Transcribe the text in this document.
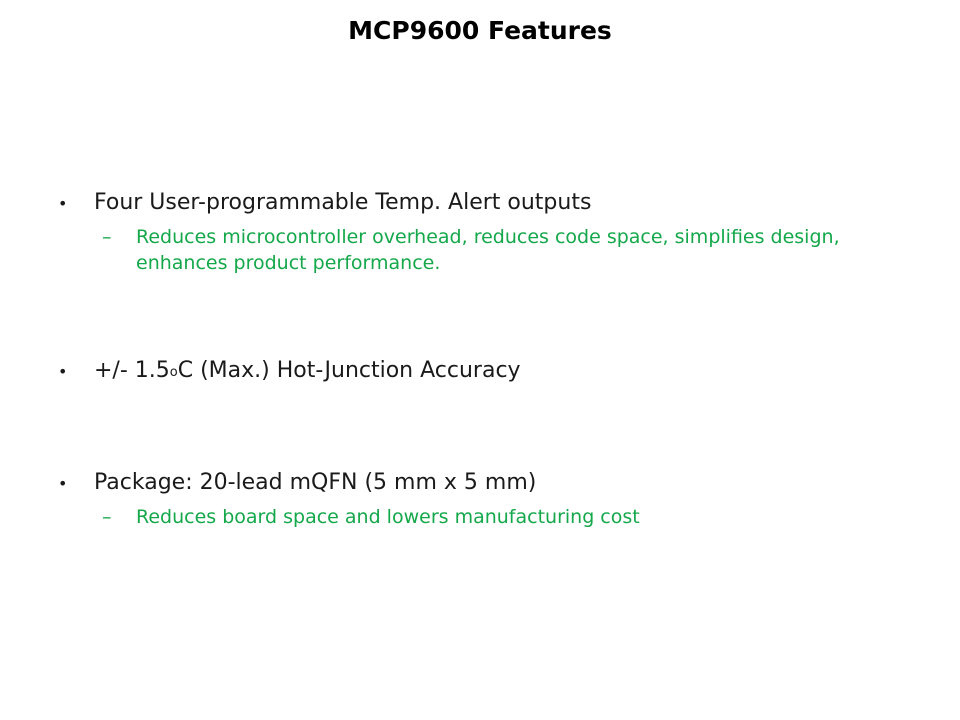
MCP9600 Features
•	Four User-programmable Temp. Alert outputs
–	Reduces microcontroller overhead, reduces code space, simplifies design, enhances product performance.
•	+/- 1.5oC (Max.) Hot-Junction Accuracy
•	Package: 20-lead mQFN (5 mm x 5 mm)
–	Reduces board space and lowers manufacturing cost
